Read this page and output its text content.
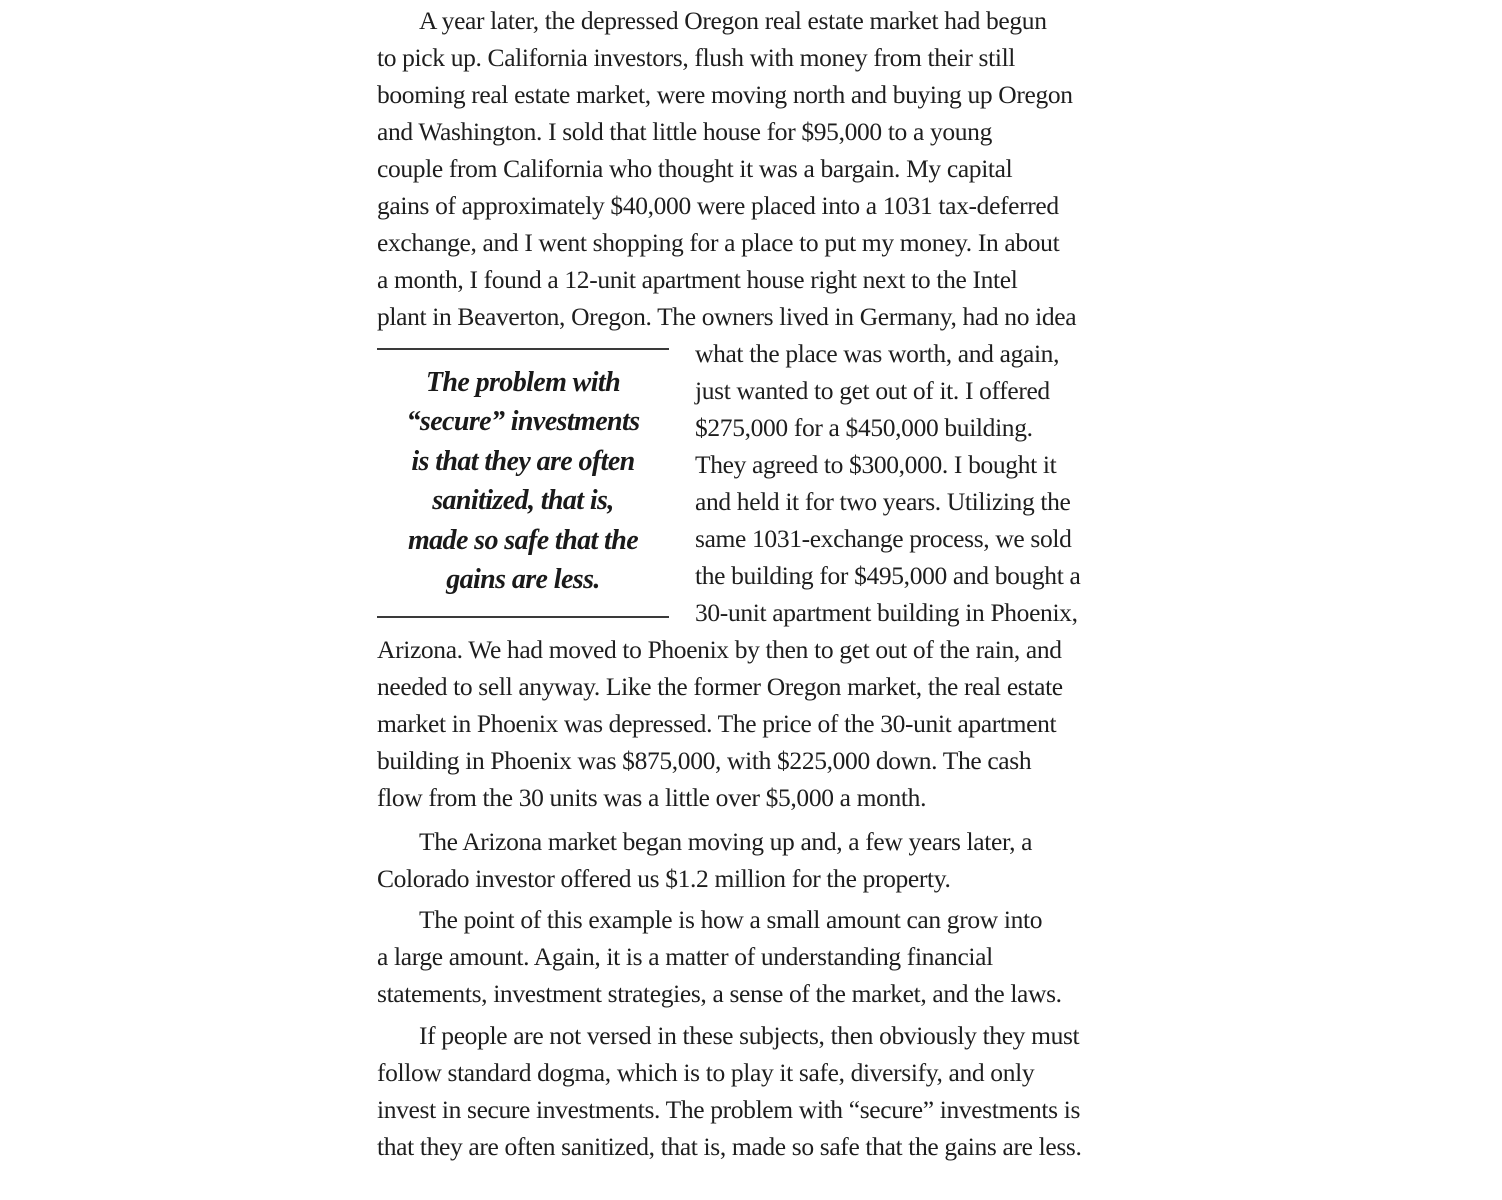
A year later, the depressed Oregon real estate market had begun
to pick up. California investors, flush with money from their still
booming real estate market, were moving north and buying up Oregon
and Washington. I sold that little house for $95,000 to a young
couple from California who thought it was a bargain. My capital
gains of approximately $40,000 were placed into a 1031 tax-deferred
exchange, and I went shopping for a place to put my money. In about
a month, I found a 12-unit apartment house right next to the Intel
plant in Beaverton, Oregon. The owners lived in Germany, had no idea
what the place was worth, and again,
just wanted to get out of it. I offered
$275,000 for a $450,000 building.
They agreed to $300,000. I bought it
and held it for two years. Utilizing the
same 1031-exchange process, we sold
the building for $495,000 and bought a
30-unit apartment building in Phoenix,
Arizona. We had moved to Phoenix by then to get out of the rain, and
needed to sell anyway. Like the former Oregon market, the real estate
market in Phoenix was depressed. The price of the 30-unit apartment
building in Phoenix was $875,000, with $225,000 down. The cash
flow from the 30 units was a little over $5,000 a month.
The problem with
“secure” investments
is that they are often
sanitized, that is,
made so safe that the
gains are less.
The Arizona market began moving up and, a few years later, a
Colorado investor offered us $1.2 million for the property.
The point of this example is how a small amount can grow into
a large amount. Again, it is a matter of understanding financial
statements, investment strategies, a sense of the market, and the laws.
If people are not versed in these subjects, then obviously they must
follow standard dogma, which is to play it safe, diversify, and only
invest in secure investments. The problem with “secure” investments is
that they are often sanitized, that is, made so safe that the gains are less.
